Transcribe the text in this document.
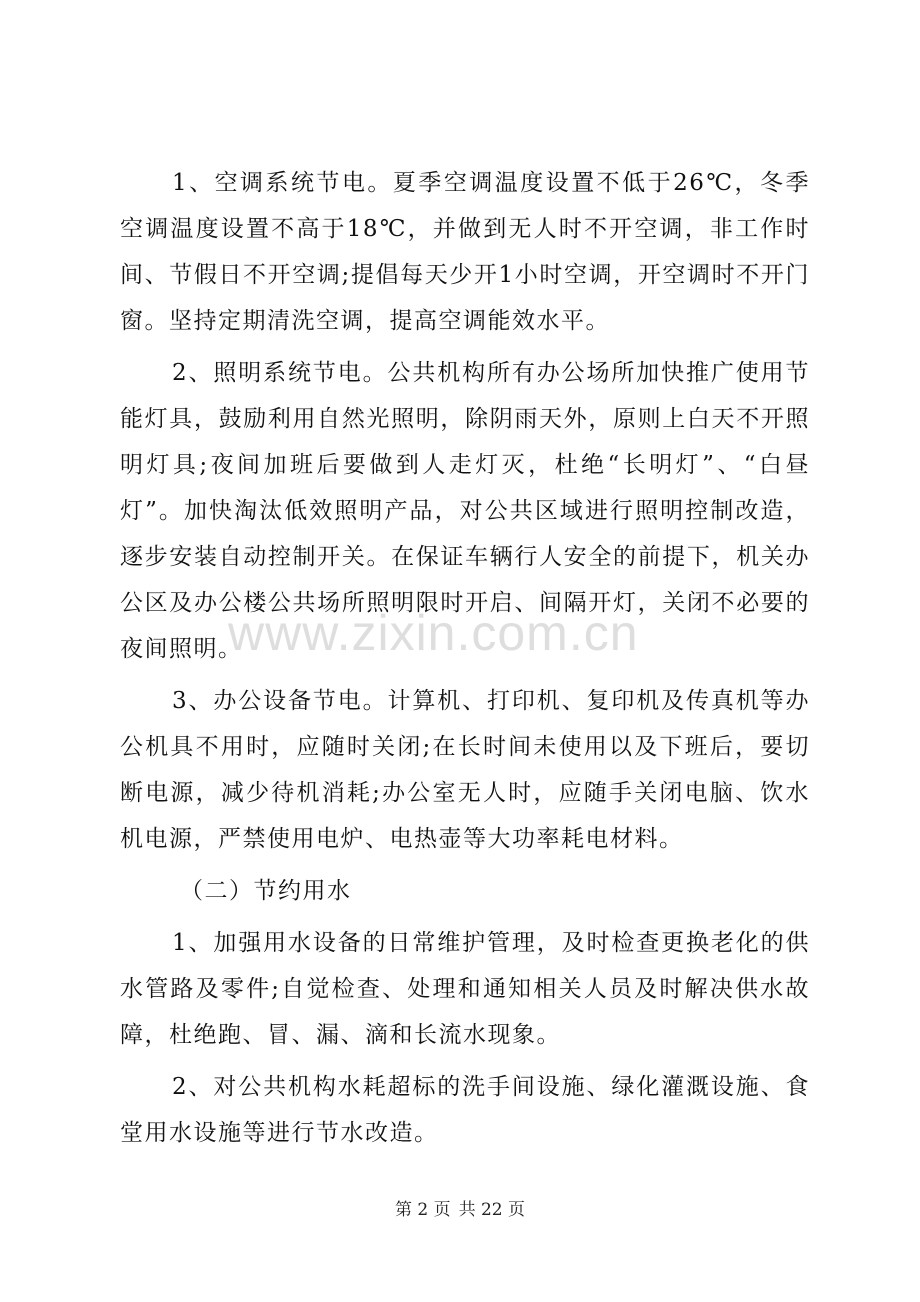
1、空调系统节电。夏季空调温度设置不低于26℃，冬季空调温度设置不高于18℃，并做到无人时不开空调，非工作时间、节假日不开空调;提倡每天少开1小时空调，开空调时不开门窗。坚持定期清洗空调，提高空调能效水平。

2、照明系统节电。公共机构所有办公场所加快推广使用节能灯具，鼓励利用自然光照明，除阴雨天外，原则上白天不开照明灯具;夜间加班后要做到人走灯灭，杜绝“长明灯”、“白昼灯”。加快淘汰低效照明产品，对公共区域进行照明控制改造，逐步安装自动控制开关。在保证车辆行人安全的前提下，机关办公区及办公楼公共场所照明限时开启、间隔开灯，关闭不必要的夜间照明。

3、办公设备节电。计算机、打印机、复印机及传真机等办公机具不用时，应随时关闭;在长时间未使用以及下班后，要切断电源，减少待机消耗;办公室无人时，应随手关闭电脑、饮水机电源，严禁使用电炉、电热壶等大功率耗电材料。

（二）节约用水

1、加强用水设备的日常维护管理，及时检查更换老化的供水管路及零件;自觉检查、处理和通知相关人员及时解决供水故障，杜绝跑、冒、漏、滴和长流水现象。

2、对公共机构水耗超标的洗手间设施、绿化灌溉设施、食堂用水设施等进行节水改造。

www.zixin.com.cn
第 2 页 共 22 页
